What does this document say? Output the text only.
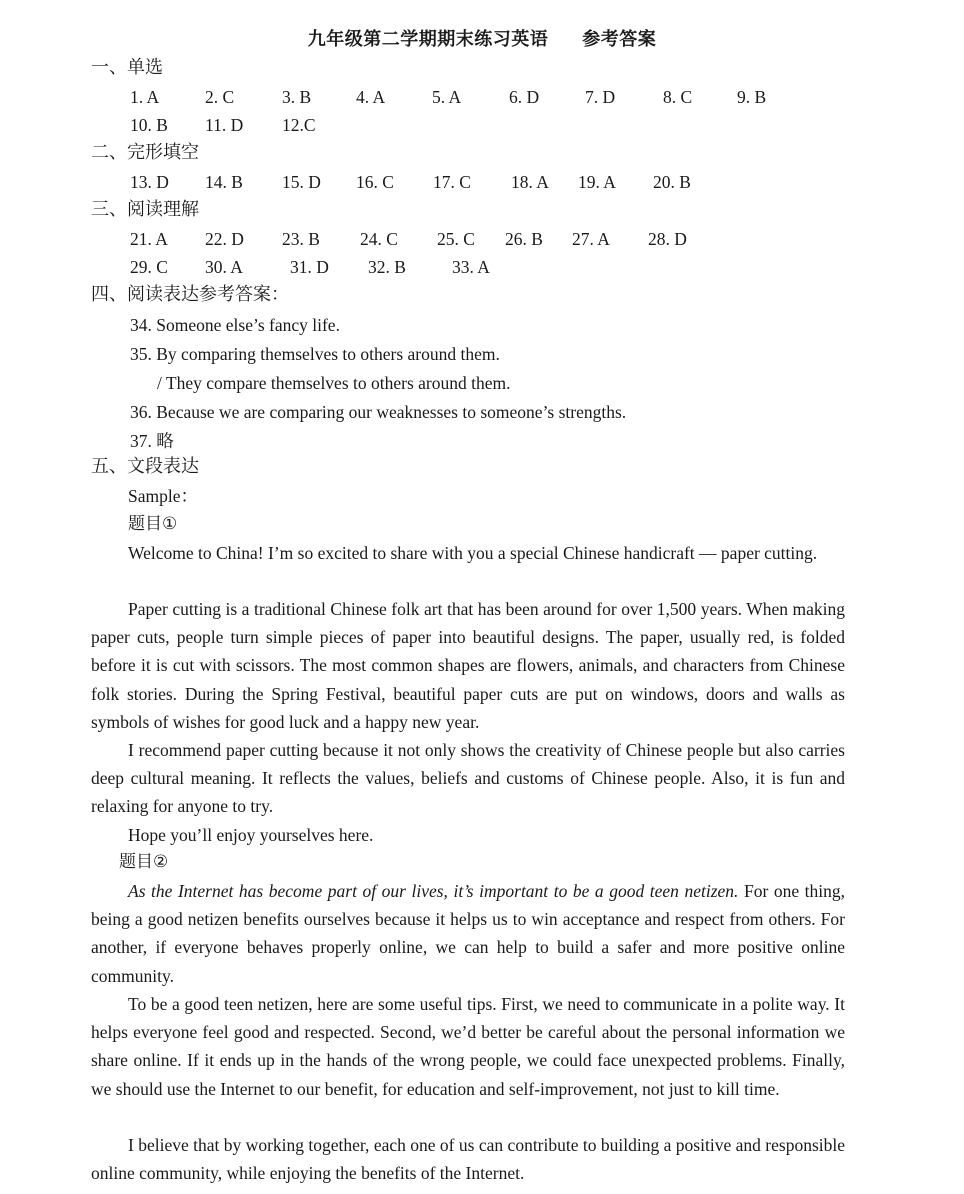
九年级第二学期期末练习英语 参考答案
一、单选
1. A	2. C	3. B	4. A	5. A	6. D	7. D	8. C	9. B
10. B 11. D 12.C
二、完形填空
13. D 14. B 15. D 16. C 17. C 18. A 19. A 20. B
三、阅读理解
21. A 22. D 23. B 24. C 25. C 26. B 27. A 28. D
29. C 30. A	31. D 32. B	33. A
四、阅读表达参考答案：
34. Someone else’s fancy life.
35. By comparing themselves to others around them.
/ They compare themselves to others around them.
36. Because we are comparing our weaknesses to someone’s strengths.
37. 略
五、文段表达
Sample：
题目①

Welcome to China! I’m so excited to share with you a special Chinese handicraft — paper cutting.

Paper cutting is a traditional Chinese folk art that has been around for over 1,500 years. When making paper cuts, people turn simple pieces of paper into beautiful designs. The paper, usually red, is folded before it is cut with scissors. The most common shapes are flowers, animals, and characters from Chinese folk stories. During the Spring Festival, beautiful paper cuts are put on windows, doors and walls as symbols of wishes for good luck and a happy new year.

I recommend paper cutting because it not only shows the creativity of Chinese people but also carries deep cultural meaning. It reflects the values, beliefs and customs of Chinese people. Also, it is fun and relaxing for anyone to try.

Hope you’ll enjoy yourselves here.

题目②

As the Internet has become part of our lives, it’s important to be a good teen netizen. For one thing, being a good netizen benefits ourselves because it helps us to win acceptance and respect from others. For another, if everyone behaves properly online, we can help to build a safer and more positive online community.

To be a good teen netizen, here are some useful tips. First, we need to communicate in a polite way. It helps everyone feel good and respected. Second, we’d better be careful about the personal information we share online. If it ends up in the hands of the wrong people, we could face unexpected problems. Finally, we should use the Internet to our benefit, for education and self-improvement, not just to kill time.

I believe that by working together, each one of us can contribute to building a positive and responsible online community, while enjoying the benefits of the Internet.
